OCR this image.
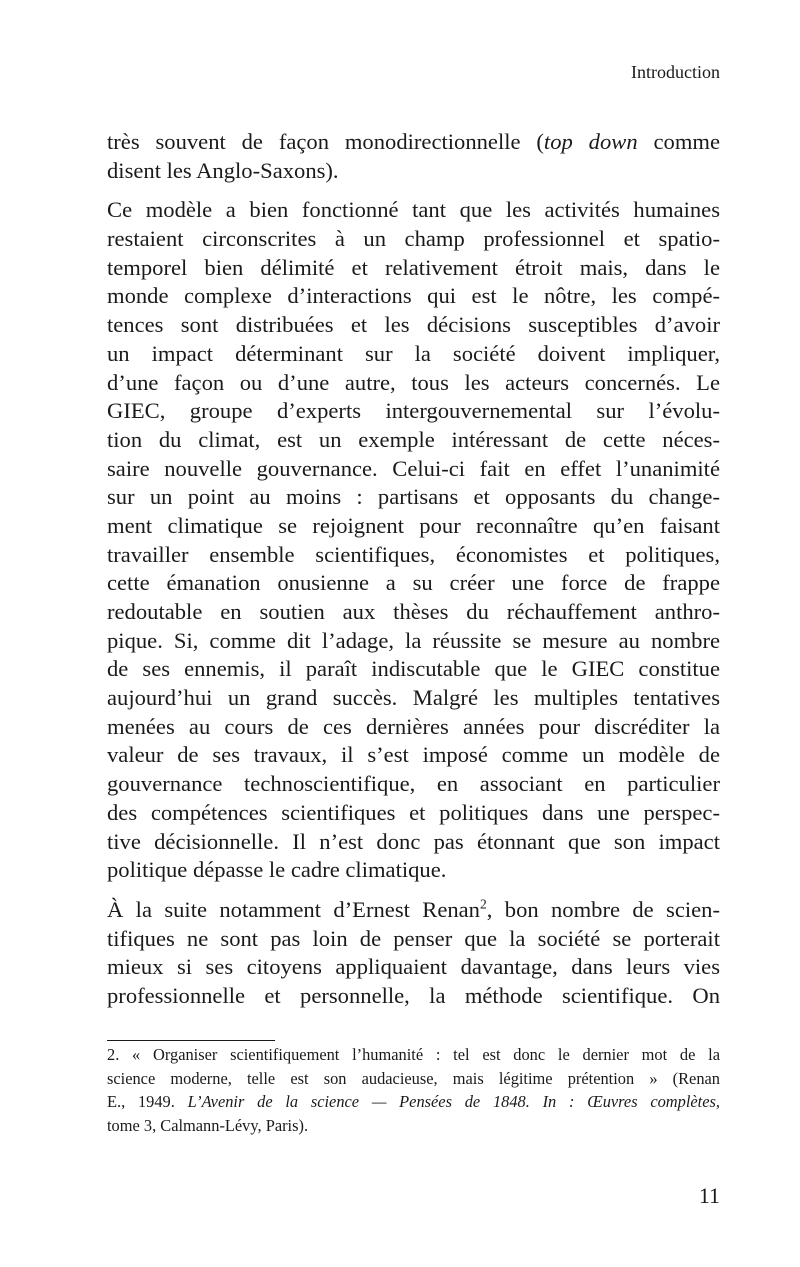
Introduction
très souvent de façon monodirectionnelle (top down comme
disent les Anglo-Saxons).
Ce modèle a bien fonctionné tant que les activités humaines
restaient circonscrites à un champ professionnel et spatio-
temporel bien délimité et relativement étroit mais, dans le
monde complexe d’interactions qui est le nôtre, les compé-
tences sont distribuées et les décisions susceptibles d’avoir
un impact déterminant sur la société doivent impliquer,
d’une façon ou d’une autre, tous les acteurs concernés. Le
GIEC, groupe d’experts intergouvernemental sur l’évolu-
tion du climat, est un exemple intéressant de cette néces-
saire nouvelle gouvernance. Celui-ci fait en effet l’unanimité
sur un point au moins : partisans et opposants du change-
ment climatique se rejoignent pour reconnaître qu’en faisant
travailler ensemble scientifiques, économistes et politiques,
cette émanation onusienne a su créer une force de frappe
redoutable en soutien aux thèses du réchauffement anthro-
pique. Si, comme dit l’adage, la réussite se mesure au nombre
de ses ennemis, il paraît indiscutable que le GIEC constitue
aujourd’hui un grand succès. Malgré les multiples tentatives
menées au cours de ces dernières années pour discréditer la
valeur de ses travaux, il s’est imposé comme un modèle de
gouvernance technoscientifique, en associant en particulier
des compétences scientifiques et politiques dans une perspec-
tive décisionnelle. Il n’est donc pas étonnant que son impact
politique dépasse le cadre climatique.
À la suite notamment d’Ernest Renan$^2$, bon nombre de scien-
tifiques ne sont pas loin de penser que la société se porterait
mieux si ses citoyens appliquaient davantage, dans leurs vies
professionnelle et personnelle, la méthode scientifique. On
2. « Organiser scientifiquement l’humanité : tel est donc le dernier mot de la
science moderne, telle est son audacieuse, mais légitime prétention » (Renan
E., 1949. L’Avenir de la science — Pensées de 1848. In : Œuvres complètes,
tome 3, Calmann-Lévy, Paris).
11
